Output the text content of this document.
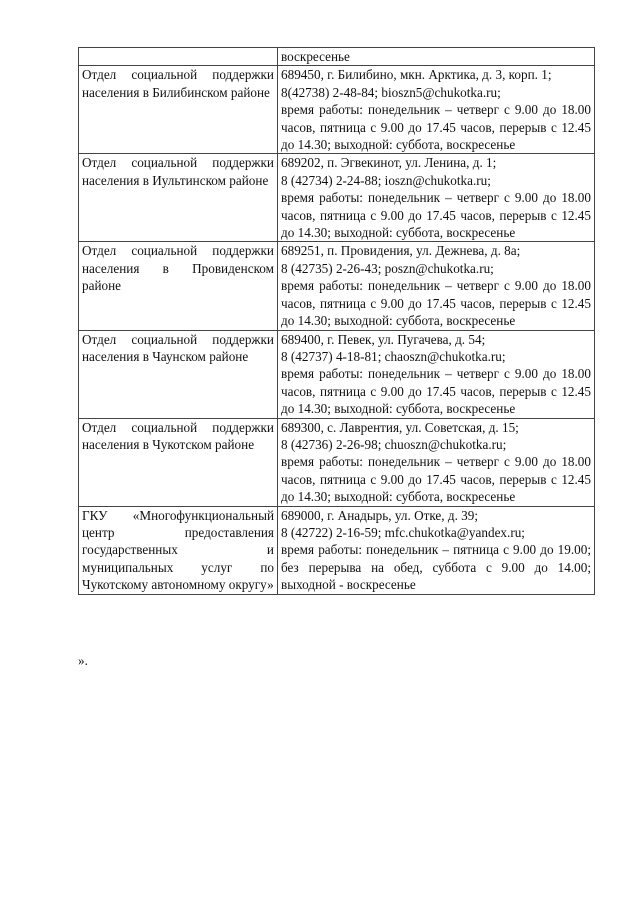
	воскресенье

Отдел социальной поддержки населения в Билибинском районе	689450, г. Билибино, мкн. Арктика, д. 3, корп. 1;
8(42738) 2-48-84; bioszn5@chukotka.ru;
время работы: понедельник – четверг с 9.00 до 18.00 часов, пятница с 9.00 до 17.45 часов, перерыв с 12.45 до 14.30; выходной: суббота, воскресенье

Отдел социальной поддержки населения в Иультинском районе	689202, п. Эгвекинот, ул. Ленина, д. 1;
8 (42734) 2-24-88; ioszn@chukotka.ru;
время работы: понедельник – четверг с 9.00 до 18.00 часов, пятница с 9.00 до 17.45 часов, перерыв с 12.45 до 14.30; выходной: суббота, воскресенье

Отдел социальной поддержки населения в Провиденском районе	689251, п. Провидения, ул. Дежнева, д. 8а;
8 (42735) 2-26-43; poszn@chukotka.ru;
время работы: понедельник – четверг с 9.00 до 18.00 часов, пятница с 9.00 до 17.45 часов, перерыв с 12.45 до 14.30; выходной: суббота, воскресенье

Отдел социальной поддержки населения в Чаунском районе	689400, г. Певек, ул. Пугачева, д. 54;
8 (42737) 4-18-81; chaoszn@chukotka.ru;
время работы: понедельник – четверг с 9.00 до 18.00 часов, пятница с 9.00 до 17.45 часов, перерыв с 12.45 до 14.30; выходной: суббота, воскресенье

Отдел социальной поддержки населения в Чукотском районе	689300, с. Лаврентия, ул. Советская, д. 15;
8 (42736) 2-26-98; chuoszn@chukotka.ru;
время работы: понедельник – четверг с 9.00 до 18.00 часов, пятница с 9.00 до 17.45 часов, перерыв с 12.45 до 14.30; выходной: суббота, воскресенье

ГКУ «Многофункциональный центр предоставления государственных и муниципальных услуг по Чукотскому автономному округу»	689000, г. Анадырь, ул. Отке, д. 39;
8 (42722) 2-16-59; mfc.chukotka@yandex.ru;
время работы: понедельник – пятница с 9.00 до 19.00; без перерыва на обед, суббота с 9.00 до 14.00; выходной - воскресенье
».
